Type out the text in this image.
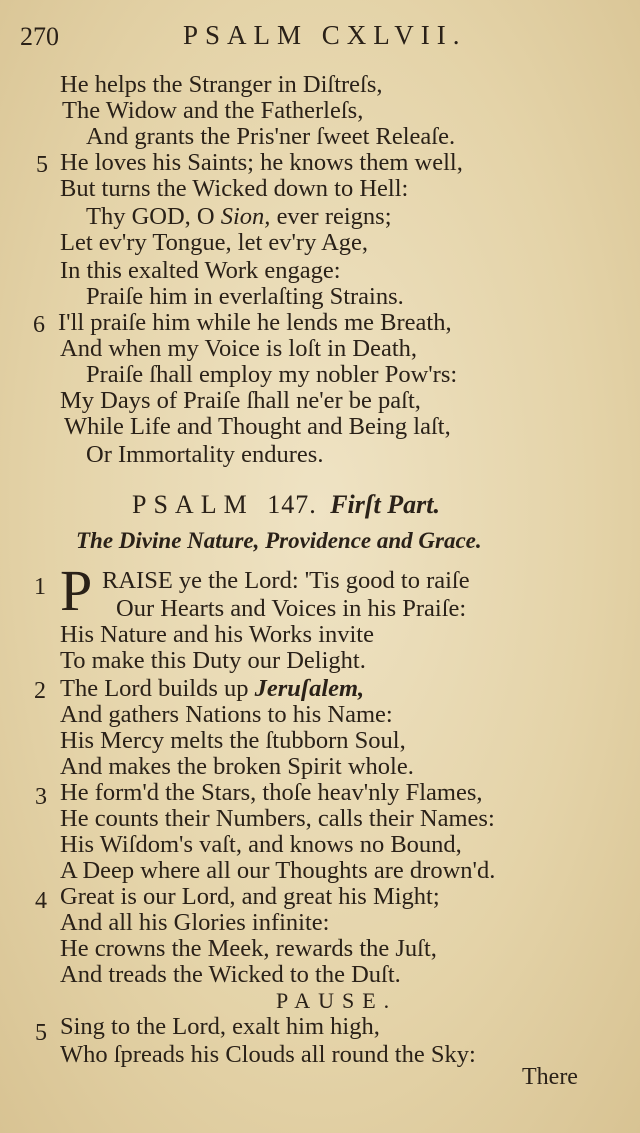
270	PSALM CXLVII.
He helps the Stranger in Diſtreſs,
The Widow and the Fatherleſs,
And grants the Pris'ner ſweet Releaſe.
5 He loves his Saints; he knows them well,
But turns the Wicked down to Hell:
Thy GOD, O Sion, ever reigns;
Let ev'ry Tongue, let ev'ry Age,
In this exalted Work engage:
Praiſe him in everlaſting Strains.
6 I'll praiſe him while he lends me Breath,
And when my Voice is loſt in Death,
Praiſe ſhall employ my nobler Pow'rs:
My Days of Praiſe ſhall ne'er be paſt,
While Life and Thought and Being laſt,
Or Immortality endures.
PSALM 147. Firſt Part.
The Divine Nature, Providence and Grace.
1 P RAISE ye the Lord: 'Tis good to raiſe
Our Hearts and Voices in his Praiſe:
His Nature and his Works invite
To make this Duty our Delight.
2 The Lord builds up Jeruſalem,
And gathers Nations to his Name:
His Mercy melts the ſtubborn Soul,
And makes the broken Spirit whole.
3 He form'd the Stars, thoſe heav'nly Flames,
He counts their Numbers, calls their Names:
His Wiſdom's vaſt, and knows no Bound,
A Deep where all our Thoughts are drown'd.
4 Great is our Lord, and great his Might;
And all his Glories infinite:
He crowns the Meek, rewards the Juſt,
And treads the Wicked to the Duſt.
PAUSE.
5 Sing to the Lord, exalt him high,
Who ſpreads his Clouds all round the Sky:
There
